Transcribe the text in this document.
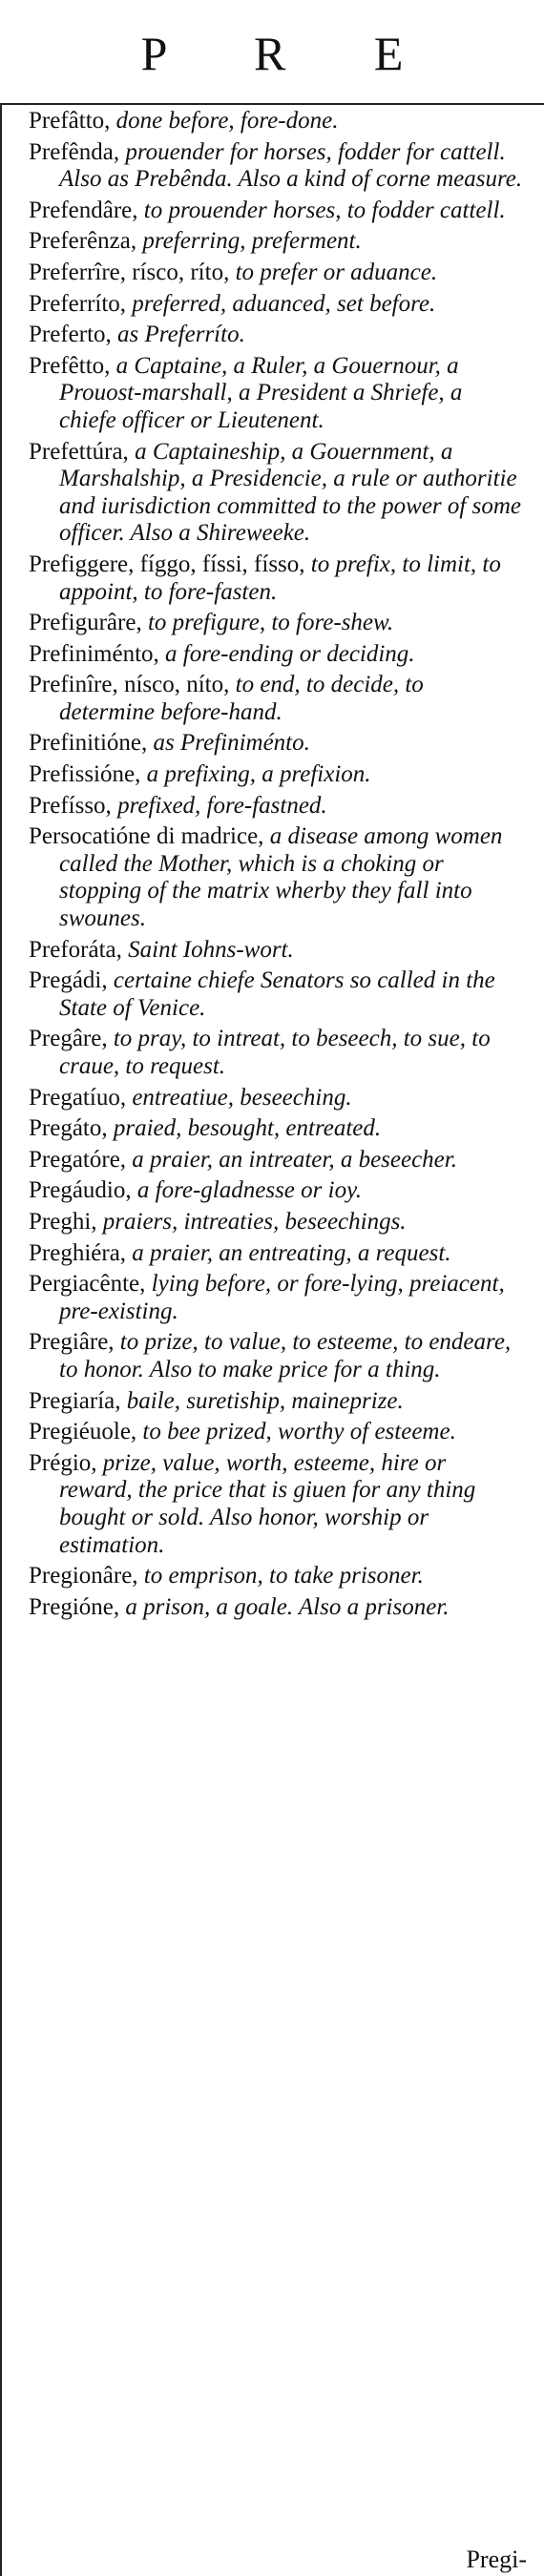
P R E
Prefâtto, done before, fore-done.
Prefênda, prouender for horses, fodder for cattell. Also as Prebênda. Also a kind of corne measure.
Prefendâre, to prouender horses, to fodder cattell.
Preferênza, preferring, preferment.
Preferrîre, rísco, ríto, to prefer or aduance.
Preferríto, preferred, aduanced, set before.
Preferto, as Preferríto.
Prefêtto, a Captaine, a Ruler, a Gouernour, a Prouost-marshall, a President a Shriefe, a chiefe officer or Lieutenent.
Prefettúra, a Captaineship, a Gouernment, a Marshalship, a Presidencie, a rule or authoritie and iurisdiction committed to the power of some officer. Also a Shireweeke.
Prefiggere, fíggo, físsi, físso, to prefix, to limit, to appoint, to fore-fasten.
Prefigurâre, to prefigure, to fore-shew.
Prefiniménto, a fore-ending or deciding.
Prefinîre, nísco, níto, to end, to decide, to determine before-hand.
Prefinitióne, as Prefiniménto.
Prefissióne, a prefixing, a prefixion.
Prefísso, prefixed, fore-fastned.
Persocatióne di madrice, a disease among women called the Mother, which is a choking or stopping of the matrix wherby they fall into swounes.
Preforáta, Saint Iohns-wort.
Pregádi, certaine chiefe Senators so called in the State of Venice.
Pregâre, to pray, to intreat, to beseech, to sue, to craue, to request.
Pregatíuo, entreatiue, beseeching.
Pregáto, praied, besought, entreated.
Pregatóre, a praier, an intreater, a beseecher.
Pregáudio, a fore-gladnesse or ioy.
Preghi, praiers, intreaties, beseechings.
Preghiéra, a praier, an entreating, a request.
Pergiacênte, lying before, or fore-lying, preiacent, pre-existing.
Pregiâre, to prize, to value, to esteeme, to endeare, to honor. Also to make price for a thing.
Pregiaría, baile, suretiship, maineprize.
Pregiéuole, to bee prized, worthy of esteeme.
Prégio, prize, value, worth, esteeme, hire or reward, the price that is giuen for any thing bought or sold. Also honor, worship or estimation.
Pregionâre, to emprison, to take prisoner.
Pregióne, a prison, a goale. Also a prisoner.
Pregi-
